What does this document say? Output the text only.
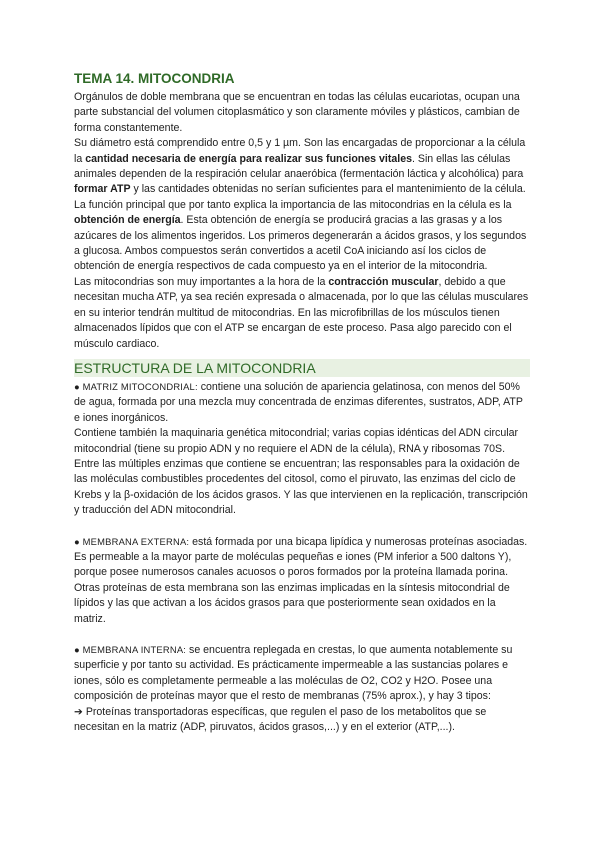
TEMA 14. MITOCONDRIA

Orgánulos de doble membrana que se encuentran en todas las células eucariotas, ocupan una parte substancial del volumen citoplasmático y son claramente móviles y plásticos, cambian de forma constantemente.

Su diámetro está comprendido entre 0,5 y 1 µm. Son las encargadas de proporcionar a la célula la cantidad necesaria de energía para realizar sus funciones vitales. Sin ellas las células animales dependen de la respiración celular anaeróbica (fermentación láctica y alcohólica) para formar ATP y las cantidades obtenidas no serían suficientes para el mantenimiento de la célula.

La función principal que por tanto explica la importancia de las mitocondrias en la célula es la obtención de energía. Esta obtención de energía se producirá gracias a las grasas y a los azúcares de los alimentos ingeridos. Los primeros degenerarán a ácidos grasos, y los segundos a glucosa. Ambos compuestos serán convertidos a acetil CoA iniciando así los ciclos de obtención de energía respectivos de cada compuesto ya en el interior de la mitocondria.

Las mitocondrias son muy importantes a la hora de la contracción muscular, debido a que necesitan mucha ATP, ya sea recién expresada o almacenada, por lo que las células musculares en su interior tendrán multitud de mitocondrias. En las microfibrillas de los músculos tienen almacenados lípidos que con el ATP se encargan de este proceso. Pasa algo parecido con el músculo cardiaco.

ESTRUCTURA DE LA MITOCONDRIA

● MATRIZ MITOCONDRIAL: contiene una solución de apariencia gelatinosa, con menos del 50% de agua, formada por una mezcla muy concentrada de enzimas diferentes, sustratos, ADP, ATP e iones inorgánicos.

Contiene también la maquinaria genética mitocondrial; varias copias idénticas del ADN circular mitocondrial (tiene su propio ADN y no requiere el ADN de la célula), RNA y ribosomas 70S. Entre las múltiples enzimas que contiene se encuentran; las responsables para la oxidación de las moléculas combustibles procedentes del citosol, como el piruvato, las enzimas del ciclo de Krebs y la β-oxidación de los ácidos grasos. Y las que intervienen en la replicación, transcripción y traducción del ADN mitocondrial.

● MEMBRANA EXTERNA: está formada por una bicapa lipídica y numerosas proteínas asociadas. Es permeable a la mayor parte de moléculas pequeñas e iones (PM inferior a 500 daltons Y), porque posee numerosos canales acuosos o poros formados por la proteína llamada porina. Otras proteínas de esta membrana son las enzimas implicadas en la síntesis mitocondrial de lípidos y las que activan a los ácidos grasos para que posteriormente sean oxidados en la matriz.

● MEMBRANA INTERNA: se encuentra replegada en crestas, lo que aumenta notablemente su superficie y por tanto su actividad. Es prácticamente impermeable a las sustancias polares e iones, sólo es completamente permeable a las moléculas de O2, CO2 y H2O. Posee una composición de proteínas mayor que el resto de membranas (75% aprox.), y hay 3 tipos:

➔ Proteínas transportadoras específicas, que regulen el paso de los metabolitos que se necesitan en la matriz (ADP, piruvatos, ácidos grasos,...) y en el exterior (ATP,...).
